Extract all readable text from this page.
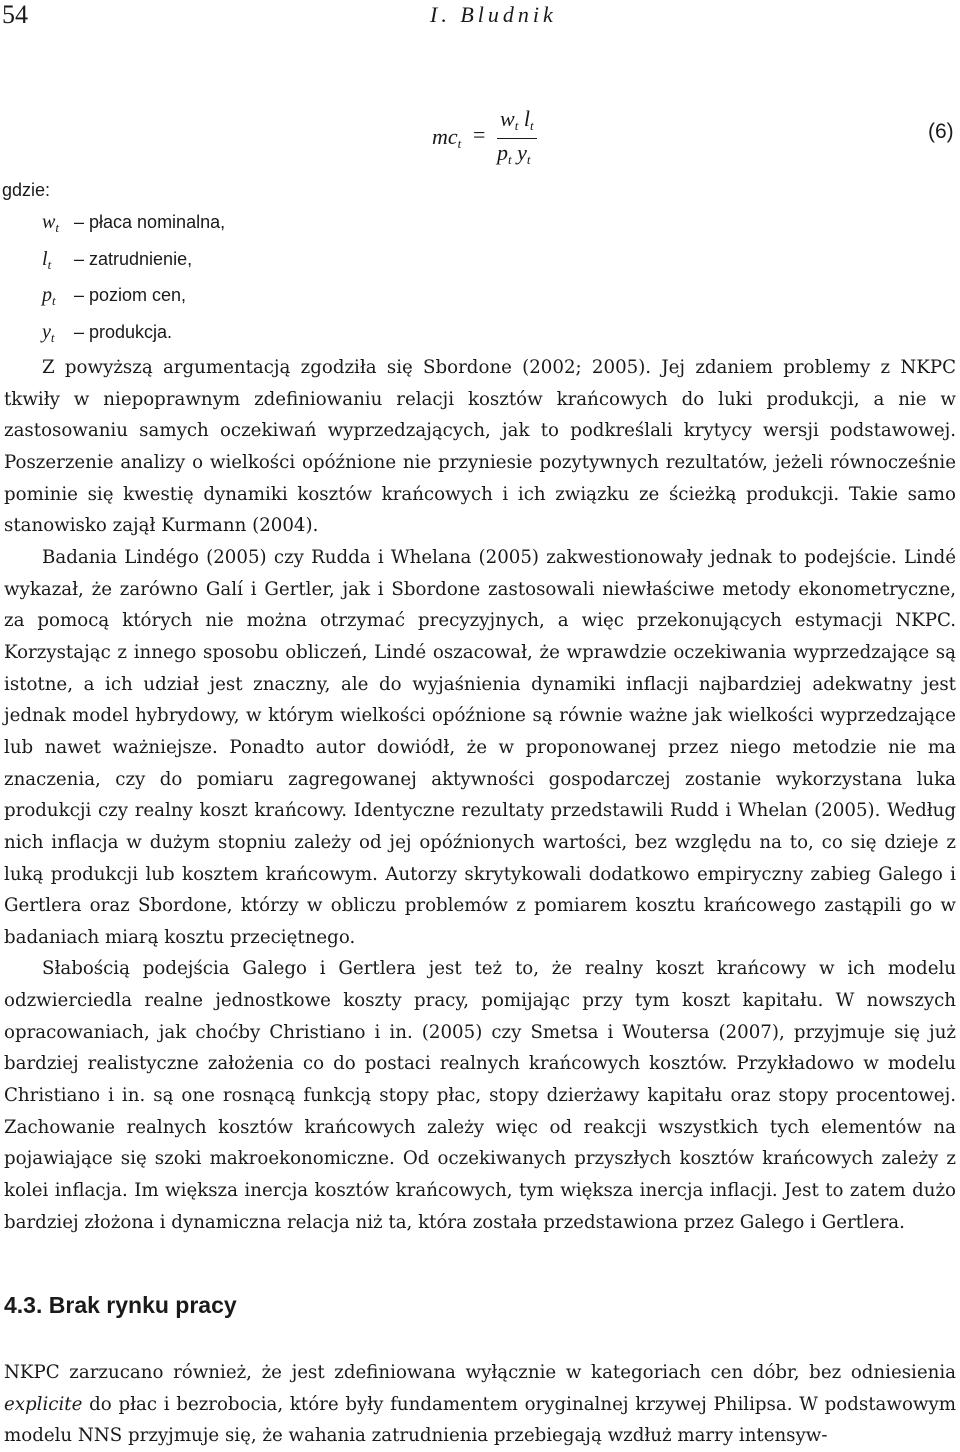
54	I. Bludnik
$mc_t$ =
$w_t$ $l_t$
$p_t$ $y_t$
(6)
gdzie:
$w_t$ – płaca nominalna,
$l_t$ – zatrudnienie,
$p_t$ – poziom cen,
$y_t$ – produkcja.

Z powyższą argumentacją zgodziła się Sbordone (2002; 2005). Jej zdaniem problemy z NKPC tkwiły w niepoprawnym zdefiniowaniu relacji kosztów krańcowych do luki produkcji, a nie w zastosowaniu samych oczekiwań wyprzedzających, jak to podkreślali krytycy wersji podstawowej. Poszerzenie analizy o wielkości opóźnione nie przyniesie pozytywnych rezultatów, jeżeli równocześnie pominie się kwestię dynamiki kosztów krańcowych i ich związku ze ścieżką produkcji. Takie samo stanowisko zajął Kurmann (2004).

Badania Lindégo (2005) czy Rudda i Whelana (2005) zakwestionowały jednak to podejście. Lindé wykazał, że zarówno Galí i Gertler, jak i Sbordone zastosowali niewłaściwe metody ekonometryczne, za pomocą których nie można otrzymać precyzyjnych, a więc przekonujących estymacji NKPC. Korzystając z innego sposobu obliczeń, Lindé oszacował, że wprawdzie oczekiwania wyprzedzające są istotne, a ich udział jest znaczny, ale do wyjaśnienia dynamiki inflacji najbardziej adekwatny jest jednak model hybrydowy, w którym wielkości opóźnione są równie ważne jak wielkości wyprzedzające lub nawet ważniejsze. Ponadto autor dowiódł, że w proponowanej przez niego metodzie nie ma znaczenia, czy do pomiaru zagregowanej aktywności gospodarczej zostanie wykorzystana luka produkcji czy realny koszt krańcowy. Identyczne rezultaty przedstawili Rudd i Whelan (2005). Według nich inflacja w dużym stopniu zależy od jej opóźnionych wartości, bez względu na to, co się dzieje z luką produkcji lub kosztem krańcowym. Autorzy skrytykowali dodatkowo empiryczny zabieg Galego i Gertlera oraz Sbordone, którzy w obliczu problemów z pomiarem kosztu krańcowego zastąpili go w badaniach miarą kosztu przeciętnego.

Słabością podejścia Galego i Gertlera jest też to, że realny koszt krańcowy w ich modelu odzwierciedla realne jednostkowe koszty pracy, pomijając przy tym koszt kapitału. W nowszych opracowaniach, jak choćby Christiano i in. (2005) czy Smetsa i Woutersa (2007), przyjmuje się już bardziej realistyczne założenia co do postaci realnych krańcowych kosztów. Przykładowo w modelu Christiano i in. są one rosnącą funkcją stopy płac, stopy dzierżawy kapitału oraz stopy procentowej. Zachowanie realnych kosztów krańcowych zależy więc od reakcji wszystkich tych elementów na pojawiające się szoki makroekonomiczne. Od oczekiwanych przyszłych kosztów krańcowych zależy z kolei inflacja. Im większa inercja kosztów krańcowych, tym większa inercja inflacji. Jest to zatem dużo bardziej złożona i dynamiczna relacja niż ta, która została przedstawiona przez Galego i Gertlera.

4.3. Brak rynku pracy

NKPC zarzucano również, że jest zdefiniowana wyłącznie w kategoriach cen dóbr, bez odniesienia explicite do płac i bezrobocia, które były fundamentem oryginalnej krzywej Philipsa. W podstawowym modelu NNS przyjmuje się, że wahania zatrudnienia przebiegają wzdłuż marry intensyw-
